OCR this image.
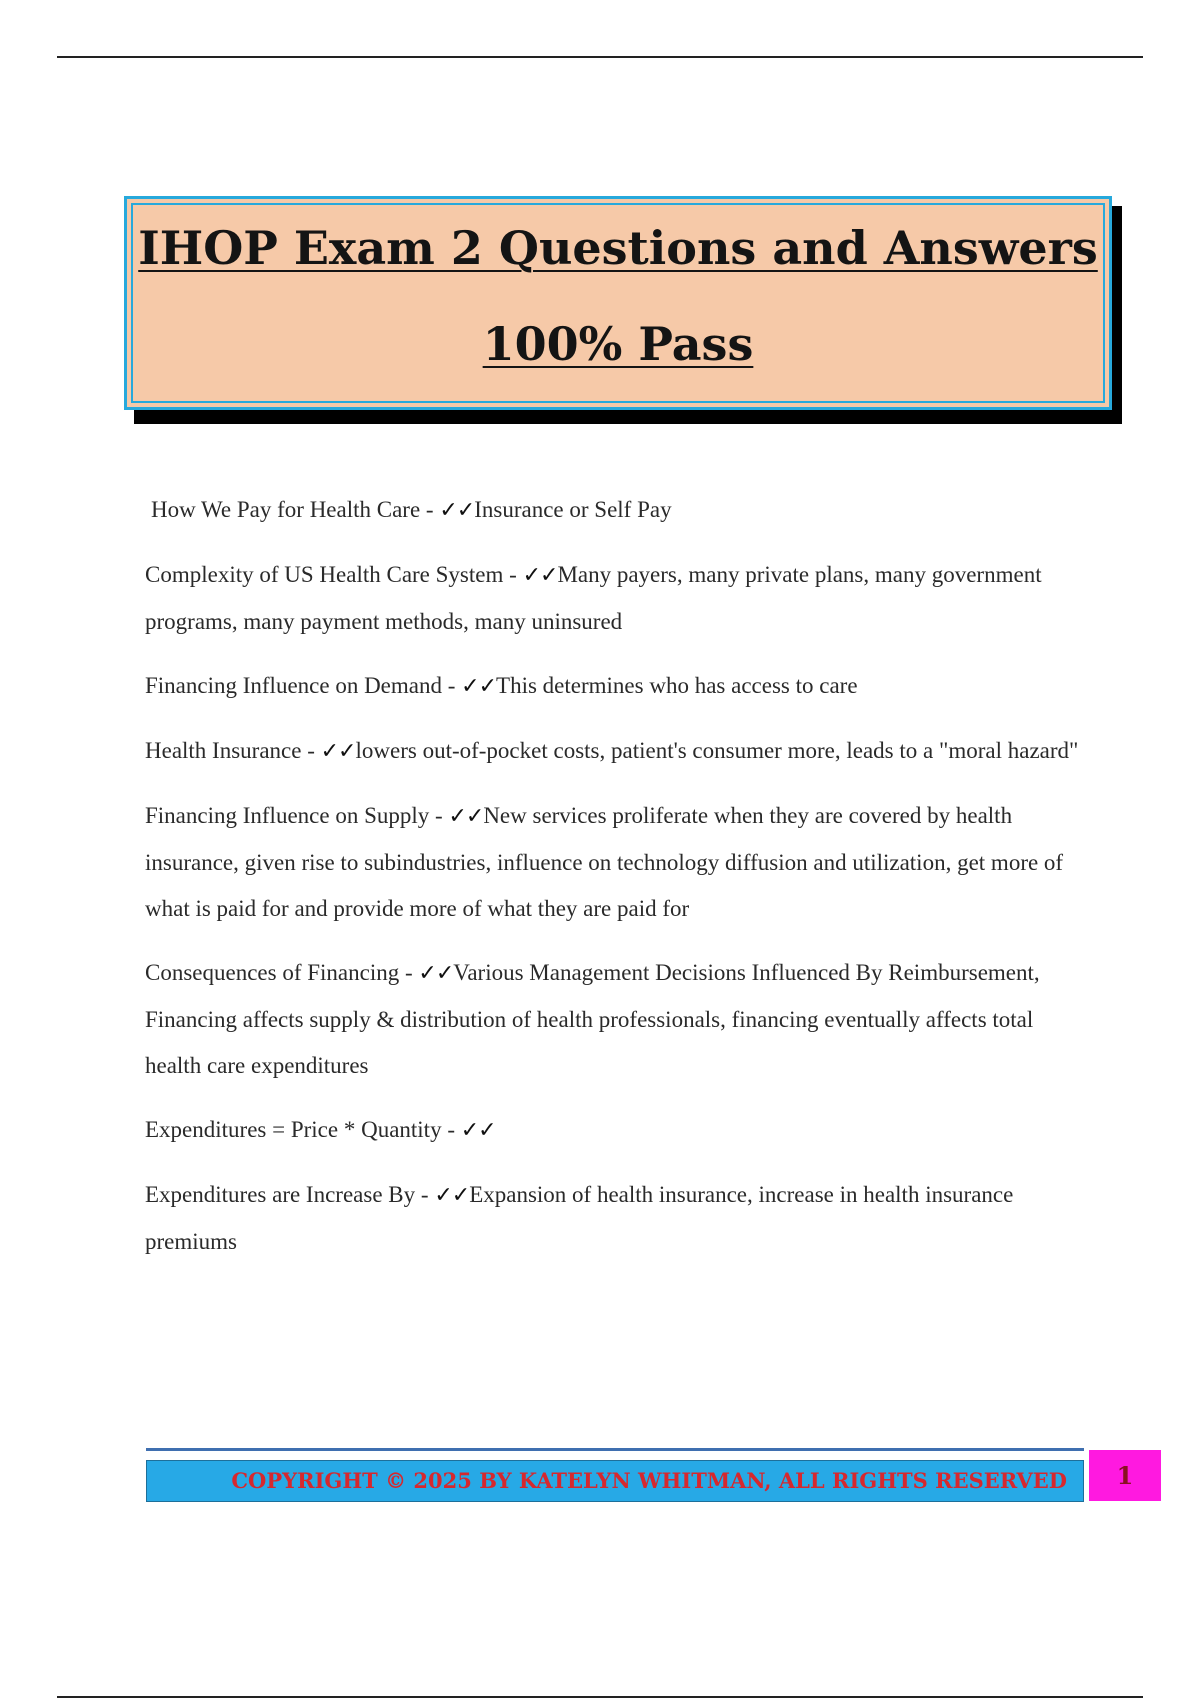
IHOP Exam 2 Questions and Answers
100% Pass

How We Pay for Health Care - ✓✓Insurance or Self Pay

Complexity of US Health Care System - ✓✓Many payers, many private plans, many government programs, many payment methods, many uninsured

Financing Influence on Demand - ✓✓This determines who has access to care

Health Insurance - ✓✓lowers out-of-pocket costs, patient's consumer more, leads to a "moral hazard"

Financing Influence on Supply - ✓✓New services proliferate when they are covered by health insurance, given rise to subindustries, influence on technology diffusion and utilization, get more of what is paid for and provide more of what they are paid for

Consequences of Financing - ✓✓Various Management Decisions Influenced By Reimbursement, Financing affects supply & distribution of health professionals, financing eventually affects total health care expenditures

Expenditures = Price * Quantity - ✓✓

Expenditures are Increase By - ✓✓Expansion of health insurance, increase in health insurance premiums

COPYRIGHT © 2025 BY KATELYN WHITMAN, ALL RIGHTS RESERVED	1
